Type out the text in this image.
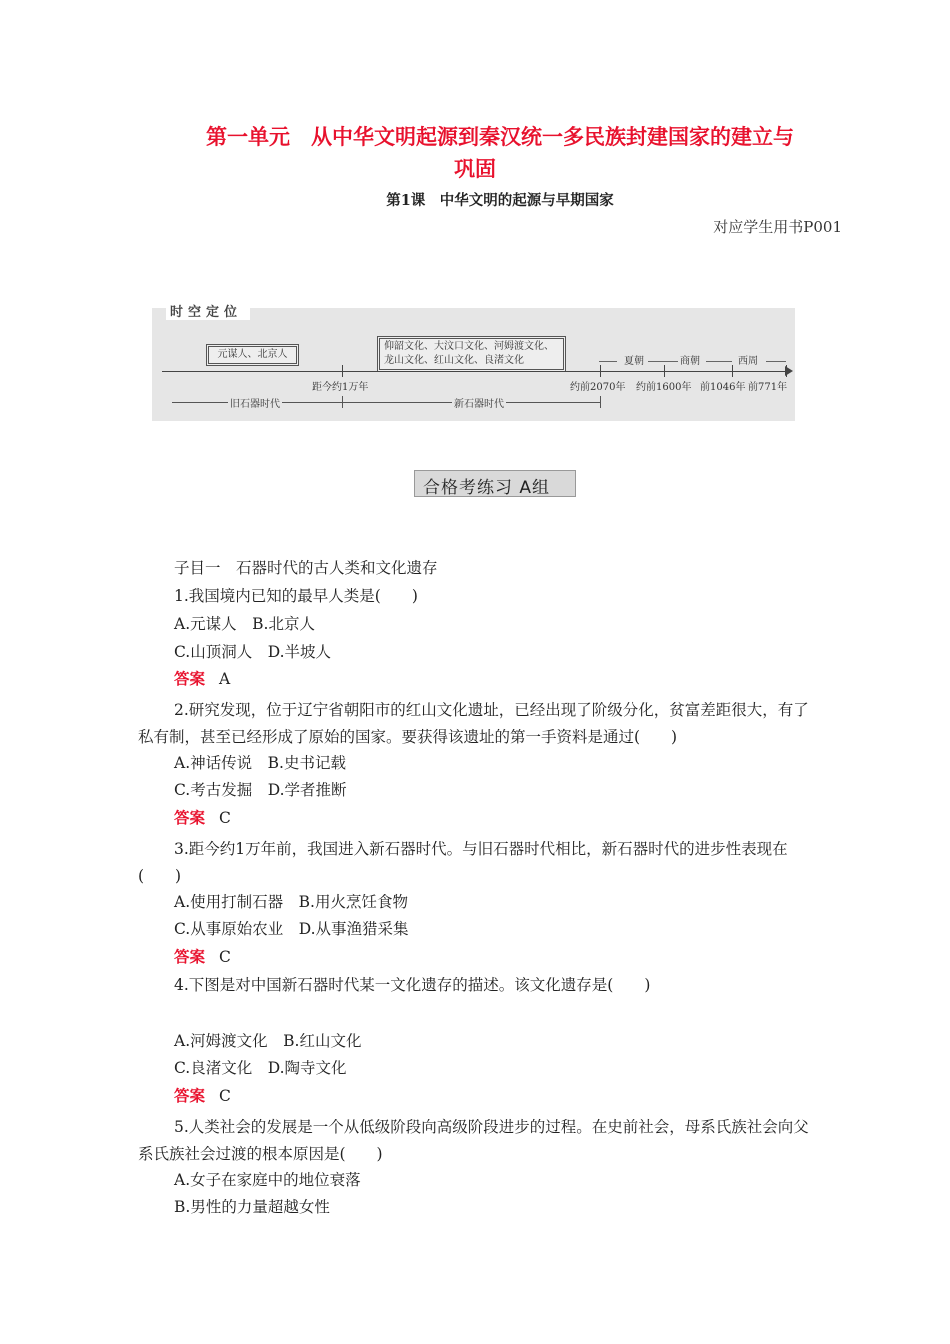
第一单元　从中华文明起源到秦汉统一多民族封建国家的建立与
巩固
第1课　中华文明的起源与早期国家
对应学生用书P001
时空定位
元谋人、北京人
仰韶文化、大汶口文化、河姆渡文化、
龙山文化、红山文化、良渚文化	夏朝	商朝	西周
距今约1万年	约前2070年 约前1600年 前1046年 前771年
旧石器时代	新石器时代
合格考练习 A组
子目一　石器时代的古人类和文化遗存
1.我国境内已知的最早人类是(　　)
A.元谋人　B.北京人
C.山顶洞人　D.半坡人
答案 A
2.研究发现，位于辽宁省朝阳市的红山文化遗址，已经出现了阶级分化，贫富差距很大，有了私有制，甚至已经形成了原始的国家。要获得该遗址的第一手资料是通过(　　)
A.神话传说　B.史书记载
C.考古发掘　D.学者推断
答案 C
3.距今约1万年前，我国进入新石器时代。与旧石器时代相比，新石器时代的进步性表现在(　　)
A.使用打制石器　B.用火烹饪食物
C.从事原始农业　D.从事渔猎采集
答案 C
4.下图是对中国新石器时代某一文化遗存的描述。该文化遗存是(　　)
A.河姆渡文化　B.红山文化
C.良渚文化　D.陶寺文化
答案 C
5.人类社会的发展是一个从低级阶段向高级阶段进步的过程。在史前社会，母系氏族社会向父系氏族社会过渡的根本原因是(　　)
A.女子在家庭中的地位衰落
B.男性的力量超越女性
